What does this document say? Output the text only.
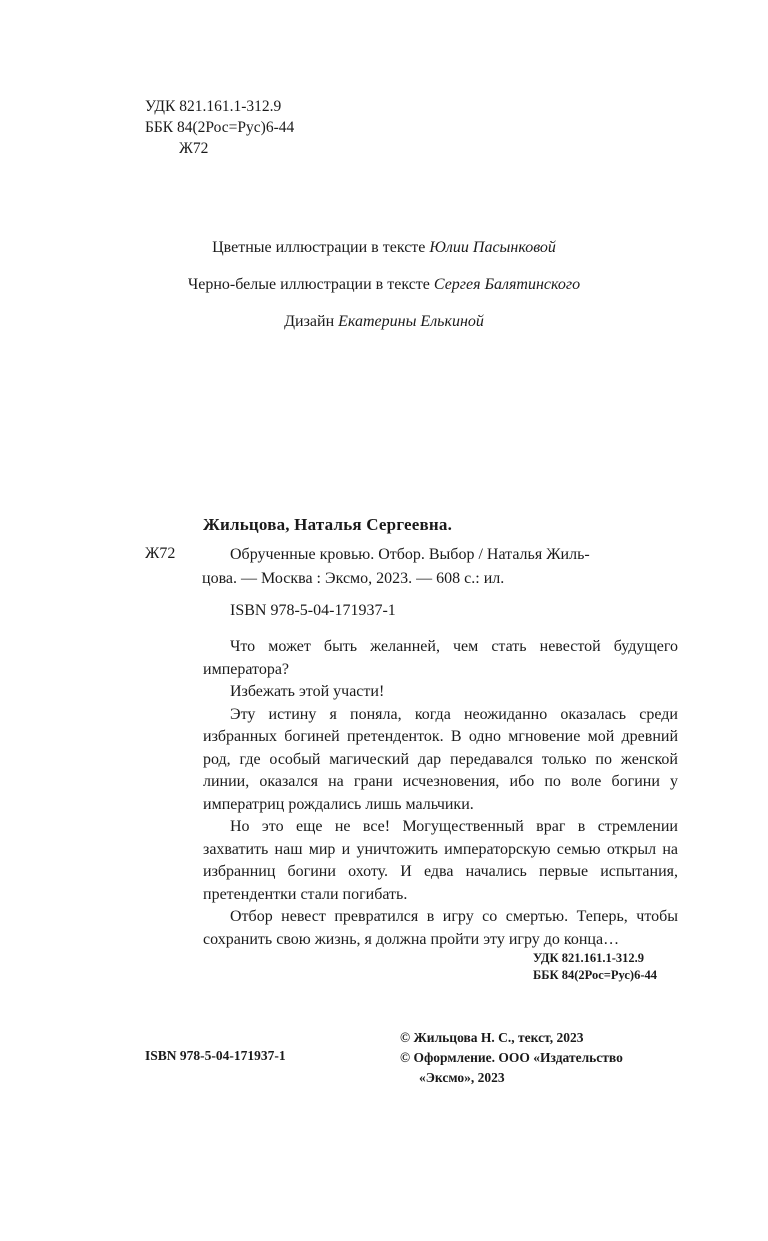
УДК 821.161.1-312.9
ББК 84(2Рос=Рус)6-44
Ж72
Цветные иллюстрации в тексте Юлии Пасынковой
Черно-белые иллюстрации в тексте Сергея Балятинского
Дизайн Екатерины Елькиной
Жильцова, Наталья Сергеевна.
Ж72	Обрученные кровью. Отбор. Выбор / Наталья Жиль-
цова. — Москва : Эксмо, 2023. — 608 с.: ил.
ISBN 978-5-04-171937-1

Что может быть желанней, чем стать невестой будущего императора?

Избежать этой участи!

Эту истину я поняла, когда неожиданно оказалась среди избранных богиней претенденток. В одно мгновение мой древний род, где особый магический дар передавался только по женской линии, оказался на грани исчезновения, ибо по воле богини у императриц рождались лишь мальчики.

Но это еще не все! Могущественный враг в стремлении захватить наш мир и уничтожить императорскую семью открыл на избранниц богини охоту. И едва начались первые испытания, претендентки стали погибать.

Отбор невест превратился в игру со смертью. Теперь, чтобы сохранить свою жизнь, я должна пройти эту игру до конца…

УДК 821.161.1-312.9
ББК 84(2Рос=Рус)6-44
© Жильцова Н. С., текст, 2023
© Оформление. ООО «Издательство
«Эксмо», 2023
ISBN 978-5-04-171937-1
